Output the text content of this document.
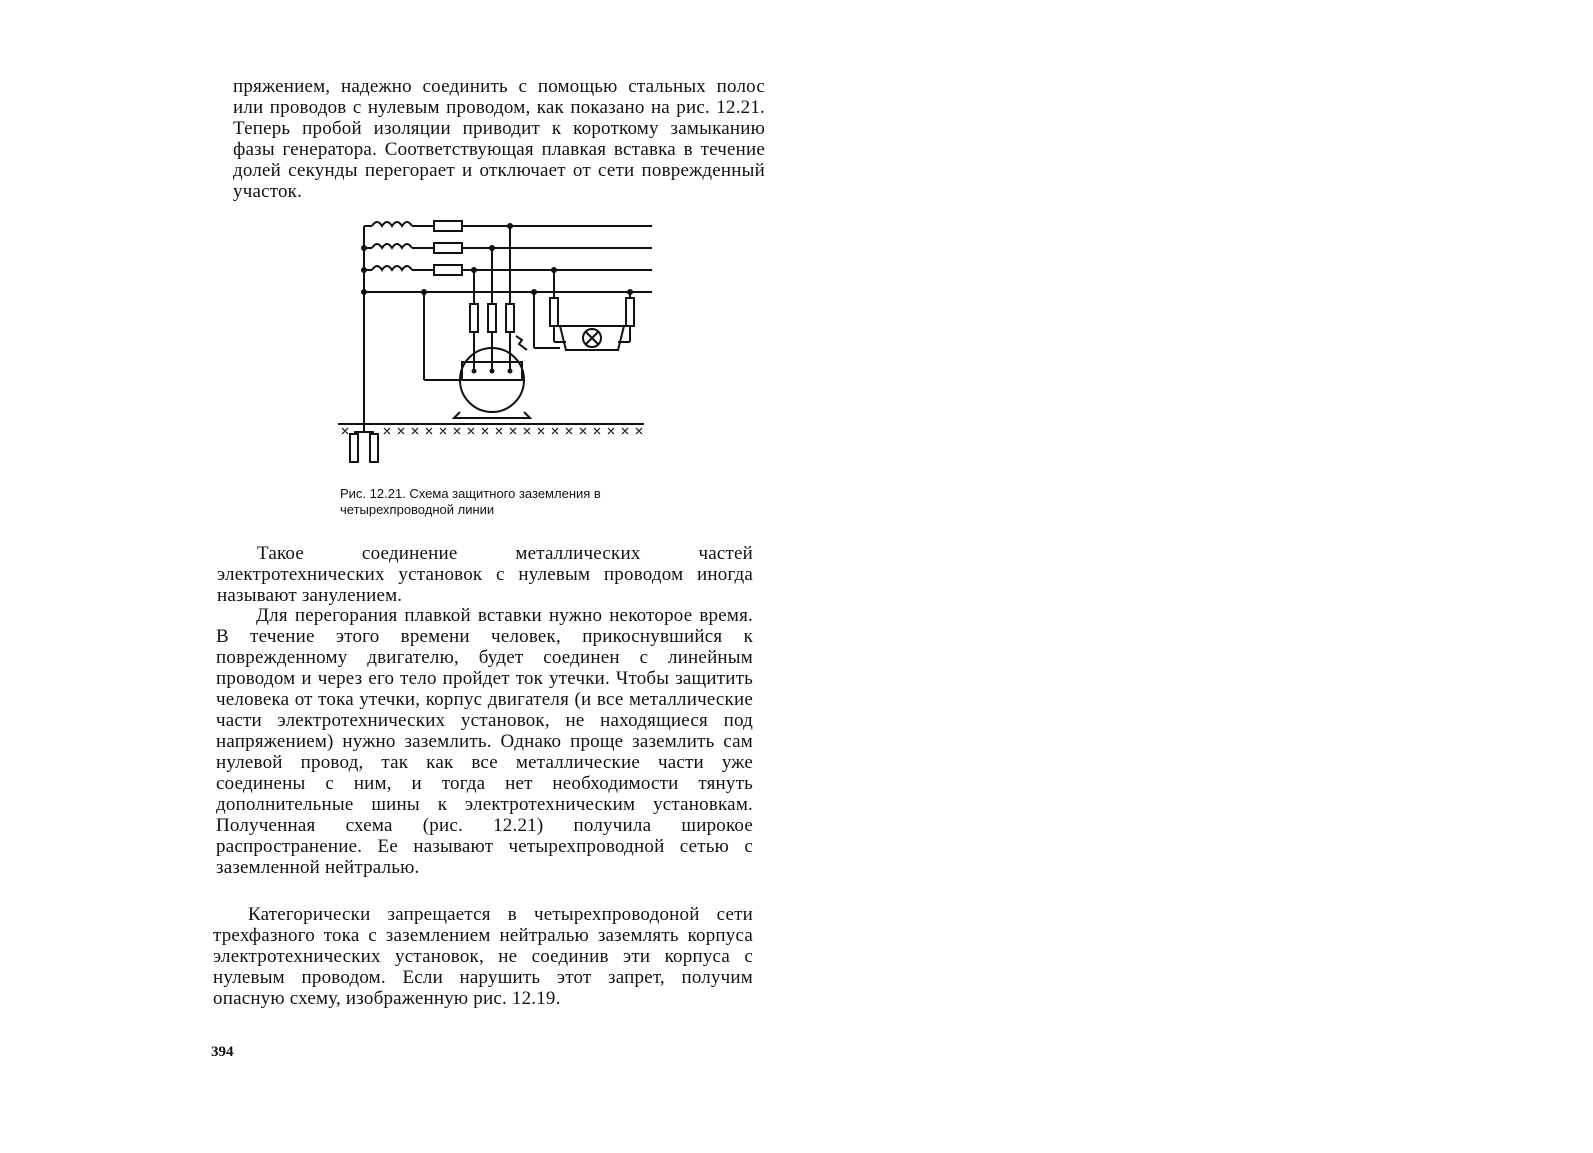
пряжением, надежно соединить с помощью стальных полос или проводов с нулевым проводом, как показано на рис. 12.21. Теперь пробой изоляции приводит к короткому замыканию фазы генератора. Соответствующая плавкая вставка в течение долей секунды перегорает и отключает от сети поврежденный участок.

Рис. 12.21. Схема защитного заземления в четырехпроводной линии

Такое соединение металлических частей электротехнических установок с нулевым проводом иногда называют занулением.

Для перегорания плавкой вставки нужно некоторое время. В течение этого времени человек, прикоснувшийся к поврежденному двигателю, будет соединен с линейным проводом и через его тело пройдет ток утечки. Чтобы защитить человека от тока утечки, корпус двигателя (и все металлические части электротехнических установок, не находящиеся под напряжением) нужно заземлить. Однако проще заземлить сам нулевой провод, так как все металлические части уже соединены с ним, и тогда нет необходимости тянуть дополнительные шины к электротехническим установкам. Полученная схема (рис. 12.21) получила широкое распространение. Ее называют четырехпроводной сетью с заземленной нейтралью.

Категорически запрещается в четырехпроводоной сети трехфазного тока с заземлением нейтралью заземлять корпуса электротехнических установок, не соединив эти корпуса с нулевым проводом. Если нарушить этот запрет, получим опасную схему, изображенную рис. 12.19.

394
